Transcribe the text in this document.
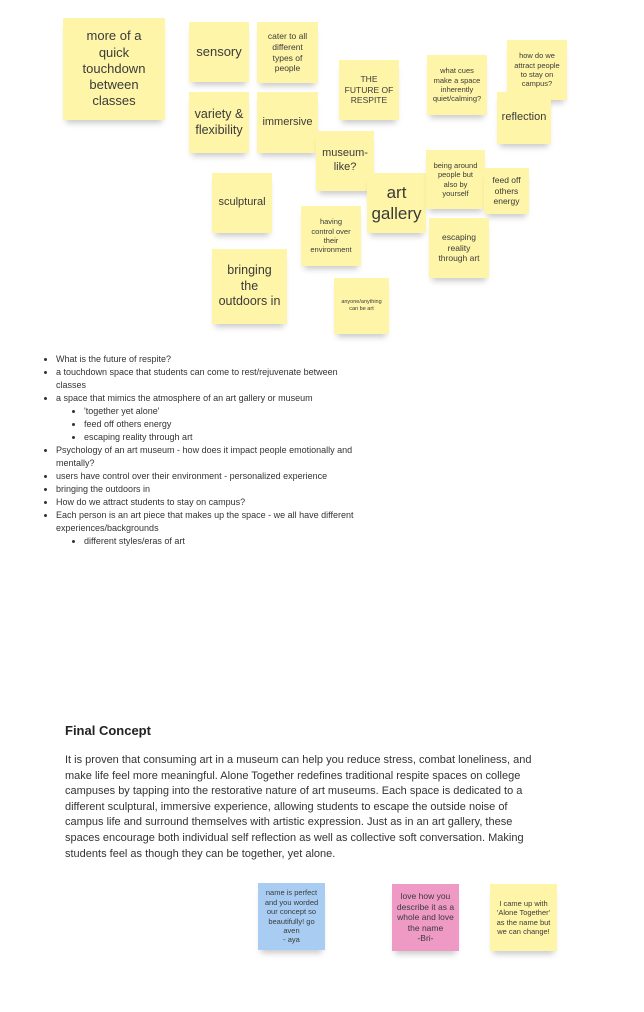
more of a
quick
touchdown
between
classes
sensory
cater to all
different
types of
people
THE
FUTURE OF
RESPITE
what cues
make a space
inherently
quiet/calming?
how do we
attract people
to stay on
campus?
variety &
flexibility
immersive	reflection
museum-
like?
art
gallery
being around
people but
also by
yourself
feed off
others
energy
sculptural
having
control over
their
environment
escaping
reality
through art
bringing
the
outdoors in	anyone/anything
can be art
• What is the future of respite?
• a touchdown space that students can come to rest/rejuvenate between classes
• a space that mimics the atmosphere of an art gallery or museum
• 'together yet alone'
• feed off others energy
• escaping reality through art
• Psychology of an art museum - how does it impact people emotionally and mentally?
• users have control over their environment - personalized experience
• bringing the outdoors in
• How do we attract students to stay on campus?
• Each person is an art piece that makes up the space - we all have different experiences/backgrounds
• different styles/eras of art
Final Concept
It is proven that consuming art in a museum can help you reduce stress, combat loneliness, and make life feel more meaningful. Alone Together redefines traditional respite spaces on college campuses by tapping into the restorative nature of art museums. Each space is dedicated to a different sculptural, immersive experience, allowing students to escape the outside noise of campus life and surround themselves with artistic expression. Just as in an art gallery, these spaces encourage both individual self reflection as well as collective soft conversation. Making students feel as though they can be together, yet alone.
name is perfect
and you worded
our concept so
beautifully! go
aven
- aya
love how you
describe it as a
whole and love
the name
-Bri-
I came up with
'Alone Together'
as the name but
we can change!
